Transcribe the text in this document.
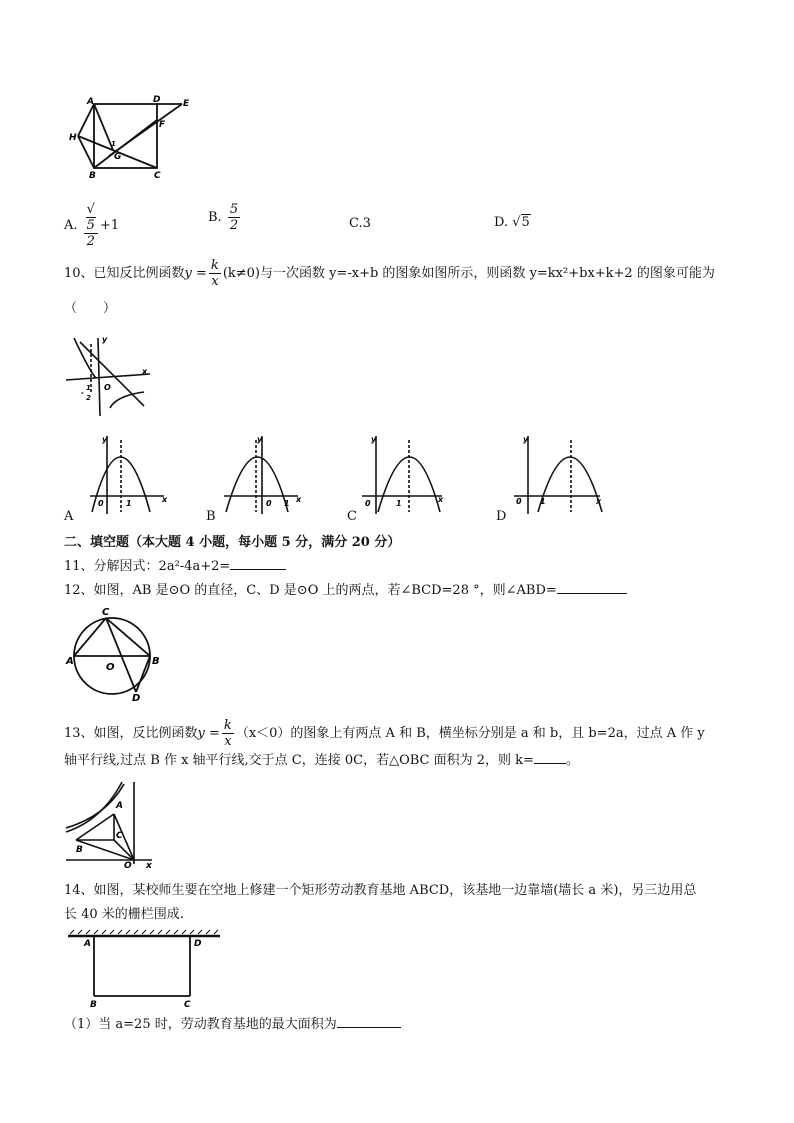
A	D	E
H
F
G
1
B	C
A. √
5
2 +1
B. $\frac{5}{2}$	C.3	D. √5
10、已知反比例函数$y = \frac{k}{x} (k\ne 0)$与一次函数 y=-x+b 的图象如图所示，则函数 y=kx²+bx+k+2 的图象可能为
（　　）
y
x
O
1
2
-
y
x
0	1
A
y
x
0 1
B
y
x
0	1
C
y
x
0 1
D
二、填空题（本大题 4 小题，每小题 5 分，满分 20 分）
11、分解因式：2a²-4a+2=
12、如图，AB 是⊙O 的直径，C、D 是⊙O 上的两点，若∠BCD=28 °，则∠ABD=
A	B
C
D
O
13、如图，反比例函数$y = \frac{k}{x} (x<0)$的图象上有两点 A 和 B，横坐标分别是 a 和 b，且 b=2a，过点 A 作 y
轴平行线,过点 B 作 x 轴平行线,交于点 C，连接 0C，若△OBC 面积为 2，则 k= 。
A
B
C
O x
14、如图，某校师生要在空地上修建一个矩形劳动教育基地 ABCD，该基地一边靠墙(墙长 a 米)，另三边用总
长 40 米的栅栏围成.
A	D
B	C
（1）当 a=25 时，劳动教育基地的最大面积为
